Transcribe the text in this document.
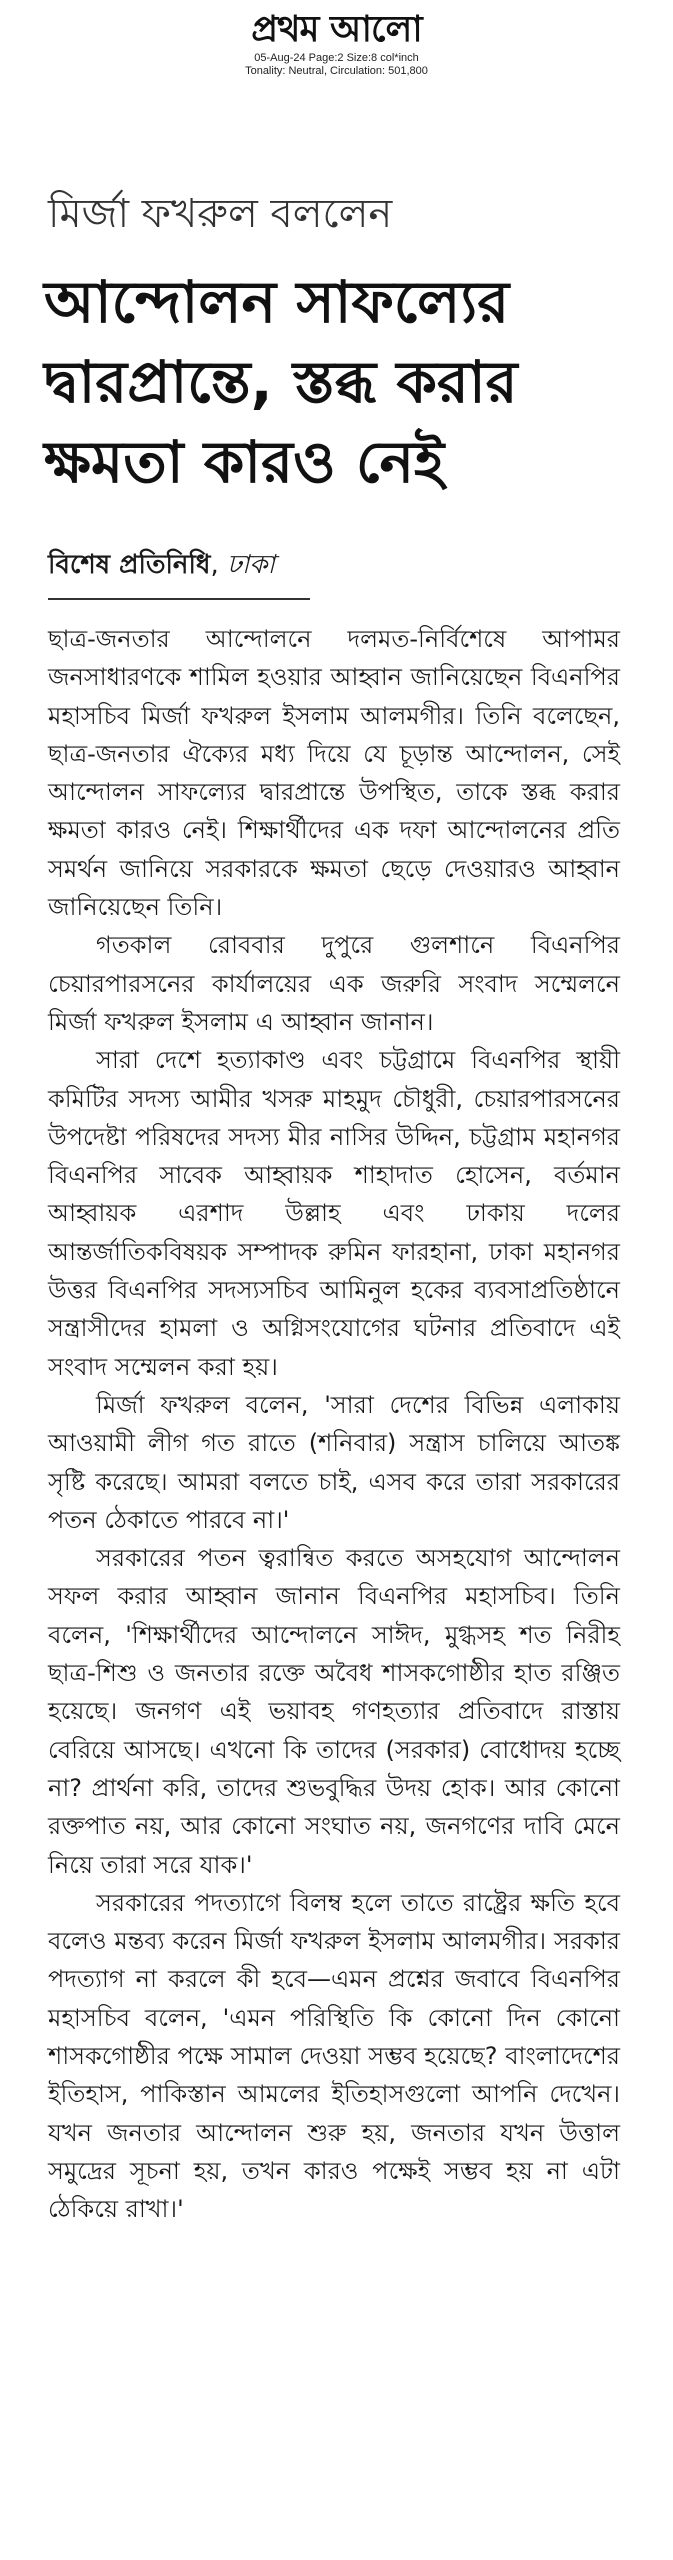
প্রথম আলো
05-Aug-24 Page:2 Size:8 col*inch
Tonality: Neutral, Circulation: 501,800
মির্জা ফখরুল বললেন
আন্দোলন সাফল্যের দ্বারপ্রান্তে, স্তব্ধ করার ক্ষমতা কারও নেই
বিশেষ প্রতিনিধি, ঢাকা

ছাত্র-জনতার আন্দোলনে দলমত-নির্বিশেষে আপামর জনসাধারণকে শামিল হওয়ার আহ্বান জানিয়েছেন বিএনপির মহাসচিব মির্জা ফখরুল ইসলাম আলমগীর। তিনি বলেছেন, ছাত্র-জনতার ঐক্যের মধ্য দিয়ে যে চূড়ান্ত আন্দোলন, সেই আন্দোলন সাফল্যের দ্বারপ্রান্তে উপস্থিত, তাকে স্তব্ধ করার ক্ষমতা কারও নেই। শিক্ষার্থীদের এক দফা আন্দোলনের প্রতি সমর্থন জানিয়ে সরকারকে ক্ষমতা ছেড়ে দেওয়ারও আহ্বান জানিয়েছেন তিনি।

গতকাল রোববার দুপুরে গুলশানে বিএনপির চেয়ারপারসনের কার্যালয়ের এক জরুরি সংবাদ সম্মেলনে মির্জা ফখরুল ইসলাম এ আহ্বান জানান।

সারা দেশে হত্যাকাণ্ড এবং চট্টগ্রামে বিএনপির স্থায়ী কমিটির সদস্য আমীর খসরু মাহমুদ চৌধুরী, চেয়ারপারসনের উপদেষ্টা পরিষদের সদস্য মীর নাসির উদ্দিন, চট্টগ্রাম মহানগর বিএনপির সাবেক আহ্বায়ক শাহাদাত হোসেন, বর্তমান আহ্বায়ক এরশাদ উল্লাহ এবং ঢাকায় দলের আন্তর্জাতিকবিষয়ক সম্পাদক রুমিন ফারহানা, ঢাকা মহানগর উত্তর বিএনপির সদস্যসচিব আমিনুল হকের ব্যবসাপ্রতিষ্ঠানে সন্ত্রাসীদের হামলা ও অগ্নিসংযোগের ঘটনার প্রতিবাদে এই সংবাদ সম্মেলন করা হয়।

মির্জা ফখরুল বলেন, 'সারা দেশের বিভিন্ন এলাকায় আওয়ামী লীগ গত রাতে (শনিবার) সন্ত্রাস চালিয়ে আতঙ্ক সৃষ্টি করেছে। আমরা বলতে চাই, এসব করে তারা সরকারের পতন ঠেকাতে পারবে না।'

সরকারের পতন ত্বরান্বিত করতে অসহযোগ আন্দোলন সফল করার আহ্বান জানান বিএনপির মহাসচিব। তিনি বলেন, 'শিক্ষার্থীদের আন্দোলনে সাঈদ, মুগ্ধসহ শত নিরীহ ছাত্র-শিশু ও জনতার রক্তে অবৈধ শাসকগোষ্ঠীর হাত রঞ্জিত হয়েছে। জনগণ এই ভয়াবহ গণহত্যার প্রতিবাদে রাস্তায় বেরিয়ে আসছে। এখনো কি তাদের (সরকার) বোধোদয় হচ্ছে না? প্রার্থনা করি, তাদের শুভবুদ্ধির উদয় হোক। আর কোনো রক্তপাত নয়, আর কোনো সংঘাত নয়, জনগণের দাবি মেনে নিয়ে তারা সরে যাক।'

সরকারের পদত্যাগে বিলম্ব হলে তাতে রাষ্ট্রের ক্ষতি হবে বলেও মন্তব্য করেন মির্জা ফখরুল ইসলাম আলমগীর। সরকার পদত্যাগ না করলে কী হবে—এমন প্রশ্নের জবাবে বিএনপির মহাসচিব বলেন, 'এমন পরিস্থিতি কি কোনো দিন কোনো শাসকগোষ্ঠীর পক্ষে সামাল দেওয়া সম্ভব হয়েছে? বাংলাদেশের ইতিহাস, পাকিস্তান আমলের ইতিহাসগুলো আপনি দেখেন। যখন জনতার আন্দোলন শুরু হয়, জনতার যখন উত্তাল সমুদ্রের সূচনা হয়, তখন কারও পক্ষেই সম্ভব হয় না এটা ঠেকিয়ে রাখা।'
